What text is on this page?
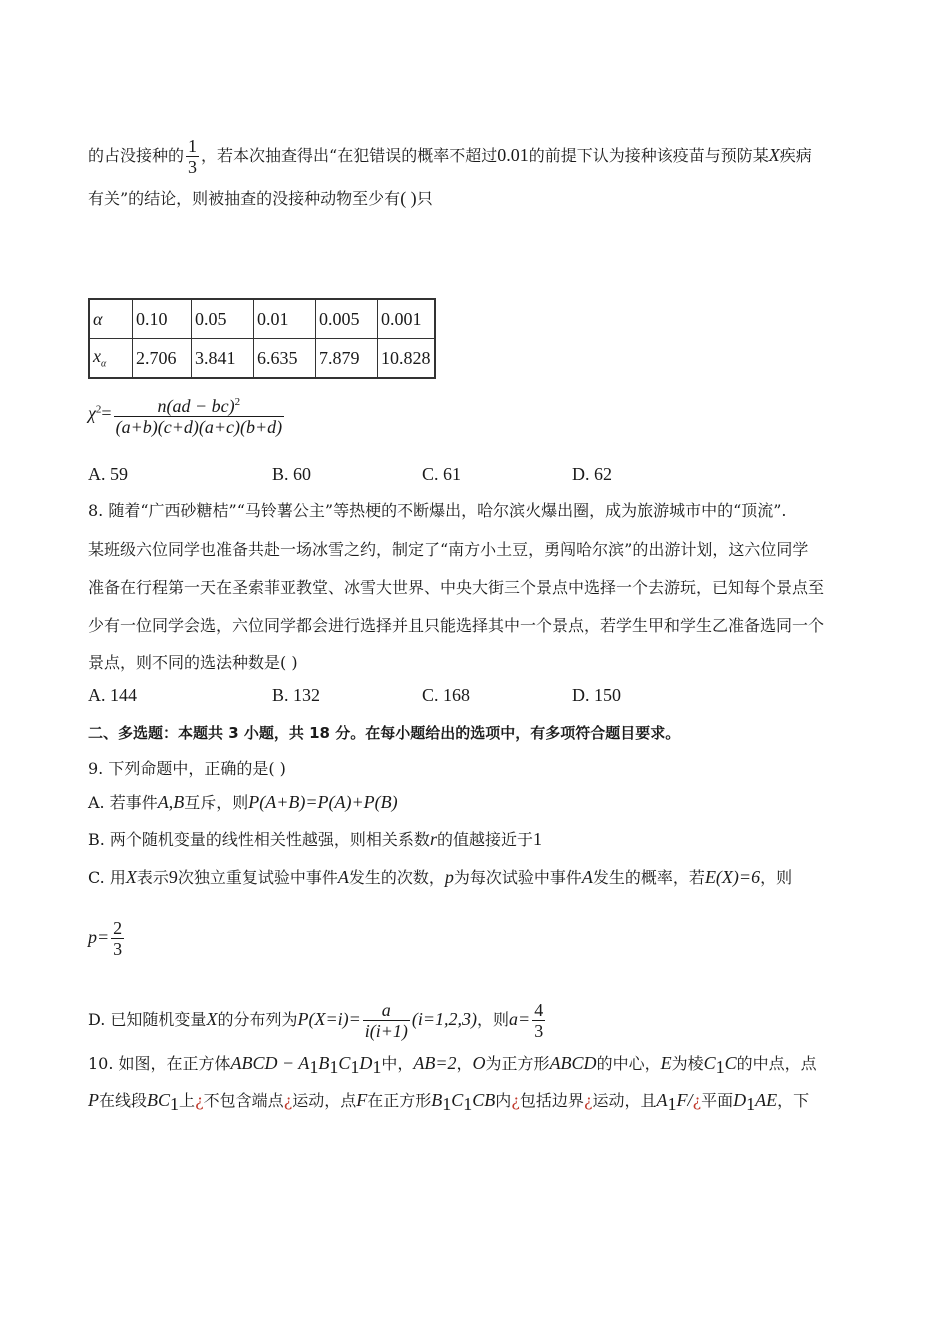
的占没接种的 $\frac{1}{3}$ ，若本次抽查得出“在犯错误的概率不超过0.01的前提下认为接种该疫苗与预防某X疾病
有关”的结论，则被抽查的没接种动物至少有( )只
α	0.10	0.05	0.01	0.005	0.001
$x_\alpha$	2.706	3.841	6.635	7.879	10.828
$\chi^2= \frac{n(ad - bc)^2}{(a+b)(c+d)(a+c)(b+d)}$
A. 59	B. 60	C. 61	D. 62
8. 随着“广西砂糖桔”“马铃薯公主”等热梗的不断爆出，哈尔滨火爆出圈，成为旅游城市中的“顶流”.
某班级六位同学也准备共赴一场冰雪之约，制定了“南方小土豆，勇闯哈尔滨”的出游计划，这六位同学
准备在行程第一天在圣索菲亚教堂、冰雪大世界、中央大街三个景点中选择一个去游玩，已知每个景点至
少有一位同学会选，六位同学都会进行选择并且只能选择其中一个景点，若学生甲和学生乙准备选同一个
景点，则不同的选法种数是( )
A. 144	B. 132	C. 168	D. 150
二、多选题：本题共 3 小题，共 18 分。在每小题给出的选项中，有多项符合题目要求。
9. 下列命题中，正确的是( )
A. 若事件A,B互斥，则P(A+B)=P(A)+P(B)
B. 两个随机变量的线性相关性越强，则相关系数r的值越接近于1
C. 用X表示9次独立重复试验中事件A发生的次数，p为每次试验中事件A发生的概率，若E(X)=6，则
$p= \frac{2}{3}$
D. 已知随机变量X的分布列为$P(X=i)= \frac{a}{i(i+1)} (i=1,2,3)$，则$a= \frac{4}{3}$
10. 如图，在正方体ABCD − $A_1B_1C_1D_1$中，AB=2，O为正方形ABCD的中心，E为棱$C_1C$的中点，点
P在线段$BC_1$上¿不包含端点¿运动，点F在正方形$B_1C_1CB$内¿包括边界¿运动，且$A_1F/¿$平面$D_1AE$，下
